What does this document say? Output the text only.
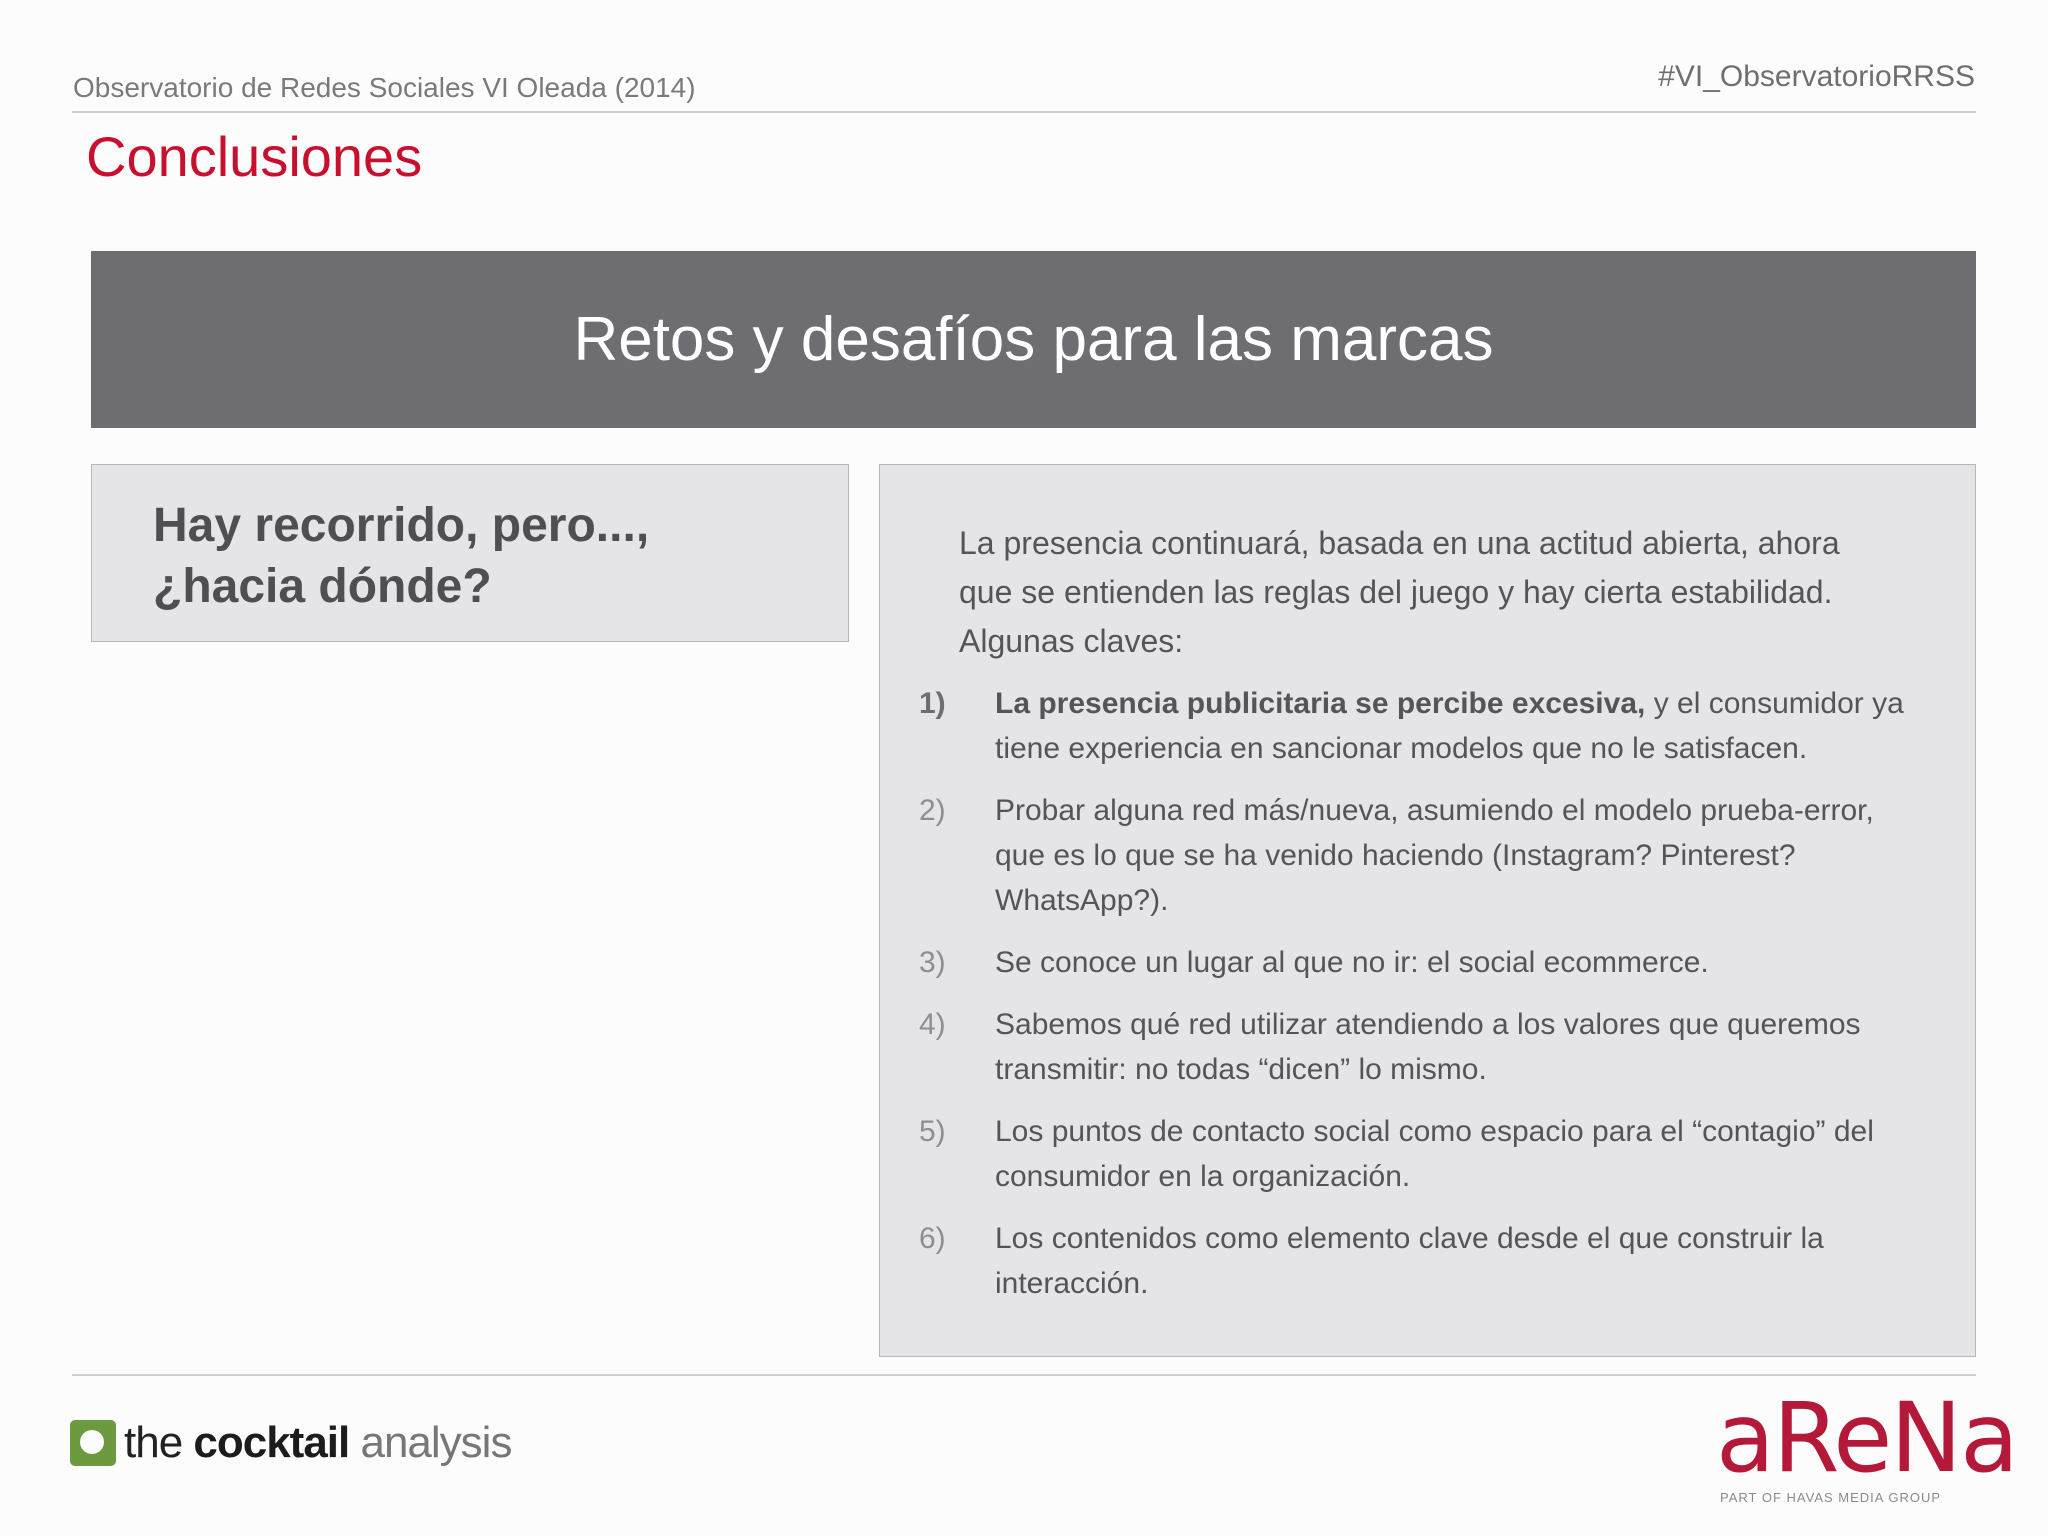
Observatorio de Redes Sociales VI Oleada (2014)	#VI_ObservatorioRRSS
Conclusiones
Retos y desafíos para las marcas
Hay recorrido, pero...,
¿hacia dónde?
La presencia continuará, basada en una actitud abierta, ahora
que se entienden las reglas del juego y hay cierta estabilidad.
Algunas claves:
1) La presencia publicitaria se percibe excesiva, y el consumidor ya
tiene experiencia en sancionar modelos que no le satisfacen.
2) Probar alguna red más/nueva, asumiendo el modelo prueba-error,
que es lo que se ha venido haciendo (Instagram? Pinterest?
WhatsApp?).
3) Se conoce un lugar al que no ir: el social ecommerce.
4) Sabemos qué red utilizar atendiendo a los valores que queremos
transmitir: no todas “dicen” lo mismo.
5) Los puntos de contacto social como espacio para el “contagio” del
consumidor en la organización.
6) Los contenidos como elemento clave desde el que construir la
interacción.
the cocktail analysis	aReNa
PART OF HAVAS MEDIA GROUP
